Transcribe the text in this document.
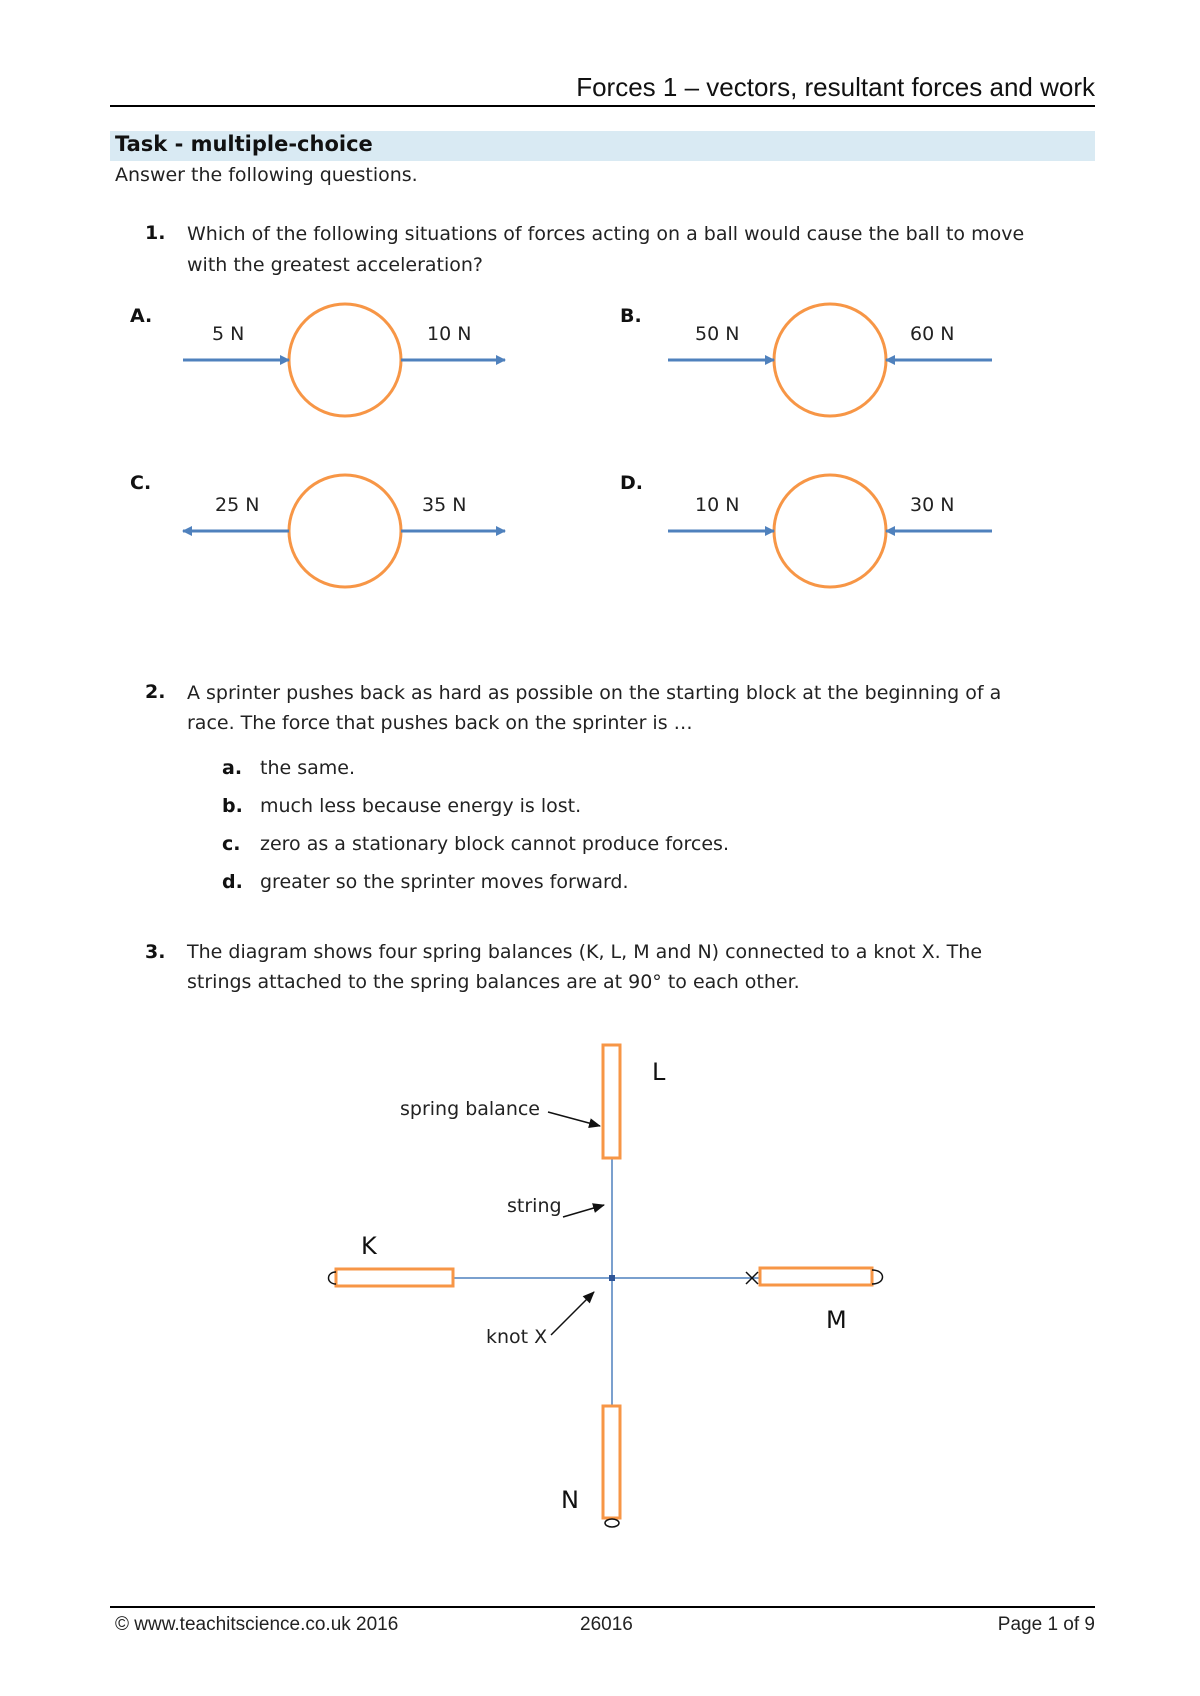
Forces 1 – vectors, resultant forces and work
Task - multiple-choice
Answer the following questions.
1. Which of the following situations of forces acting on a ball would cause the ball to move
with the greatest acceleration?
A.	B.
C.	D.
5 N	10 N	50 N	60 N
25 N	35 N	10 N	30 N
2. A sprinter pushes back as hard as possible on the starting block at the beginning of a
race. The force that pushes back on the sprinter is …
a. the same.
b. much less because energy is lost.
c. zero as a stationary block cannot produce forces.
d. greater so the sprinter moves forward.
3. The diagram shows four spring balances (K, L, M and N) connected to a knot X. The
strings attached to the spring balances are at 90° to each other.
spring balance
string
knot X
L
K
M
N
© www.teachitscience.co.uk 2016	26016	Page 1 of 9
